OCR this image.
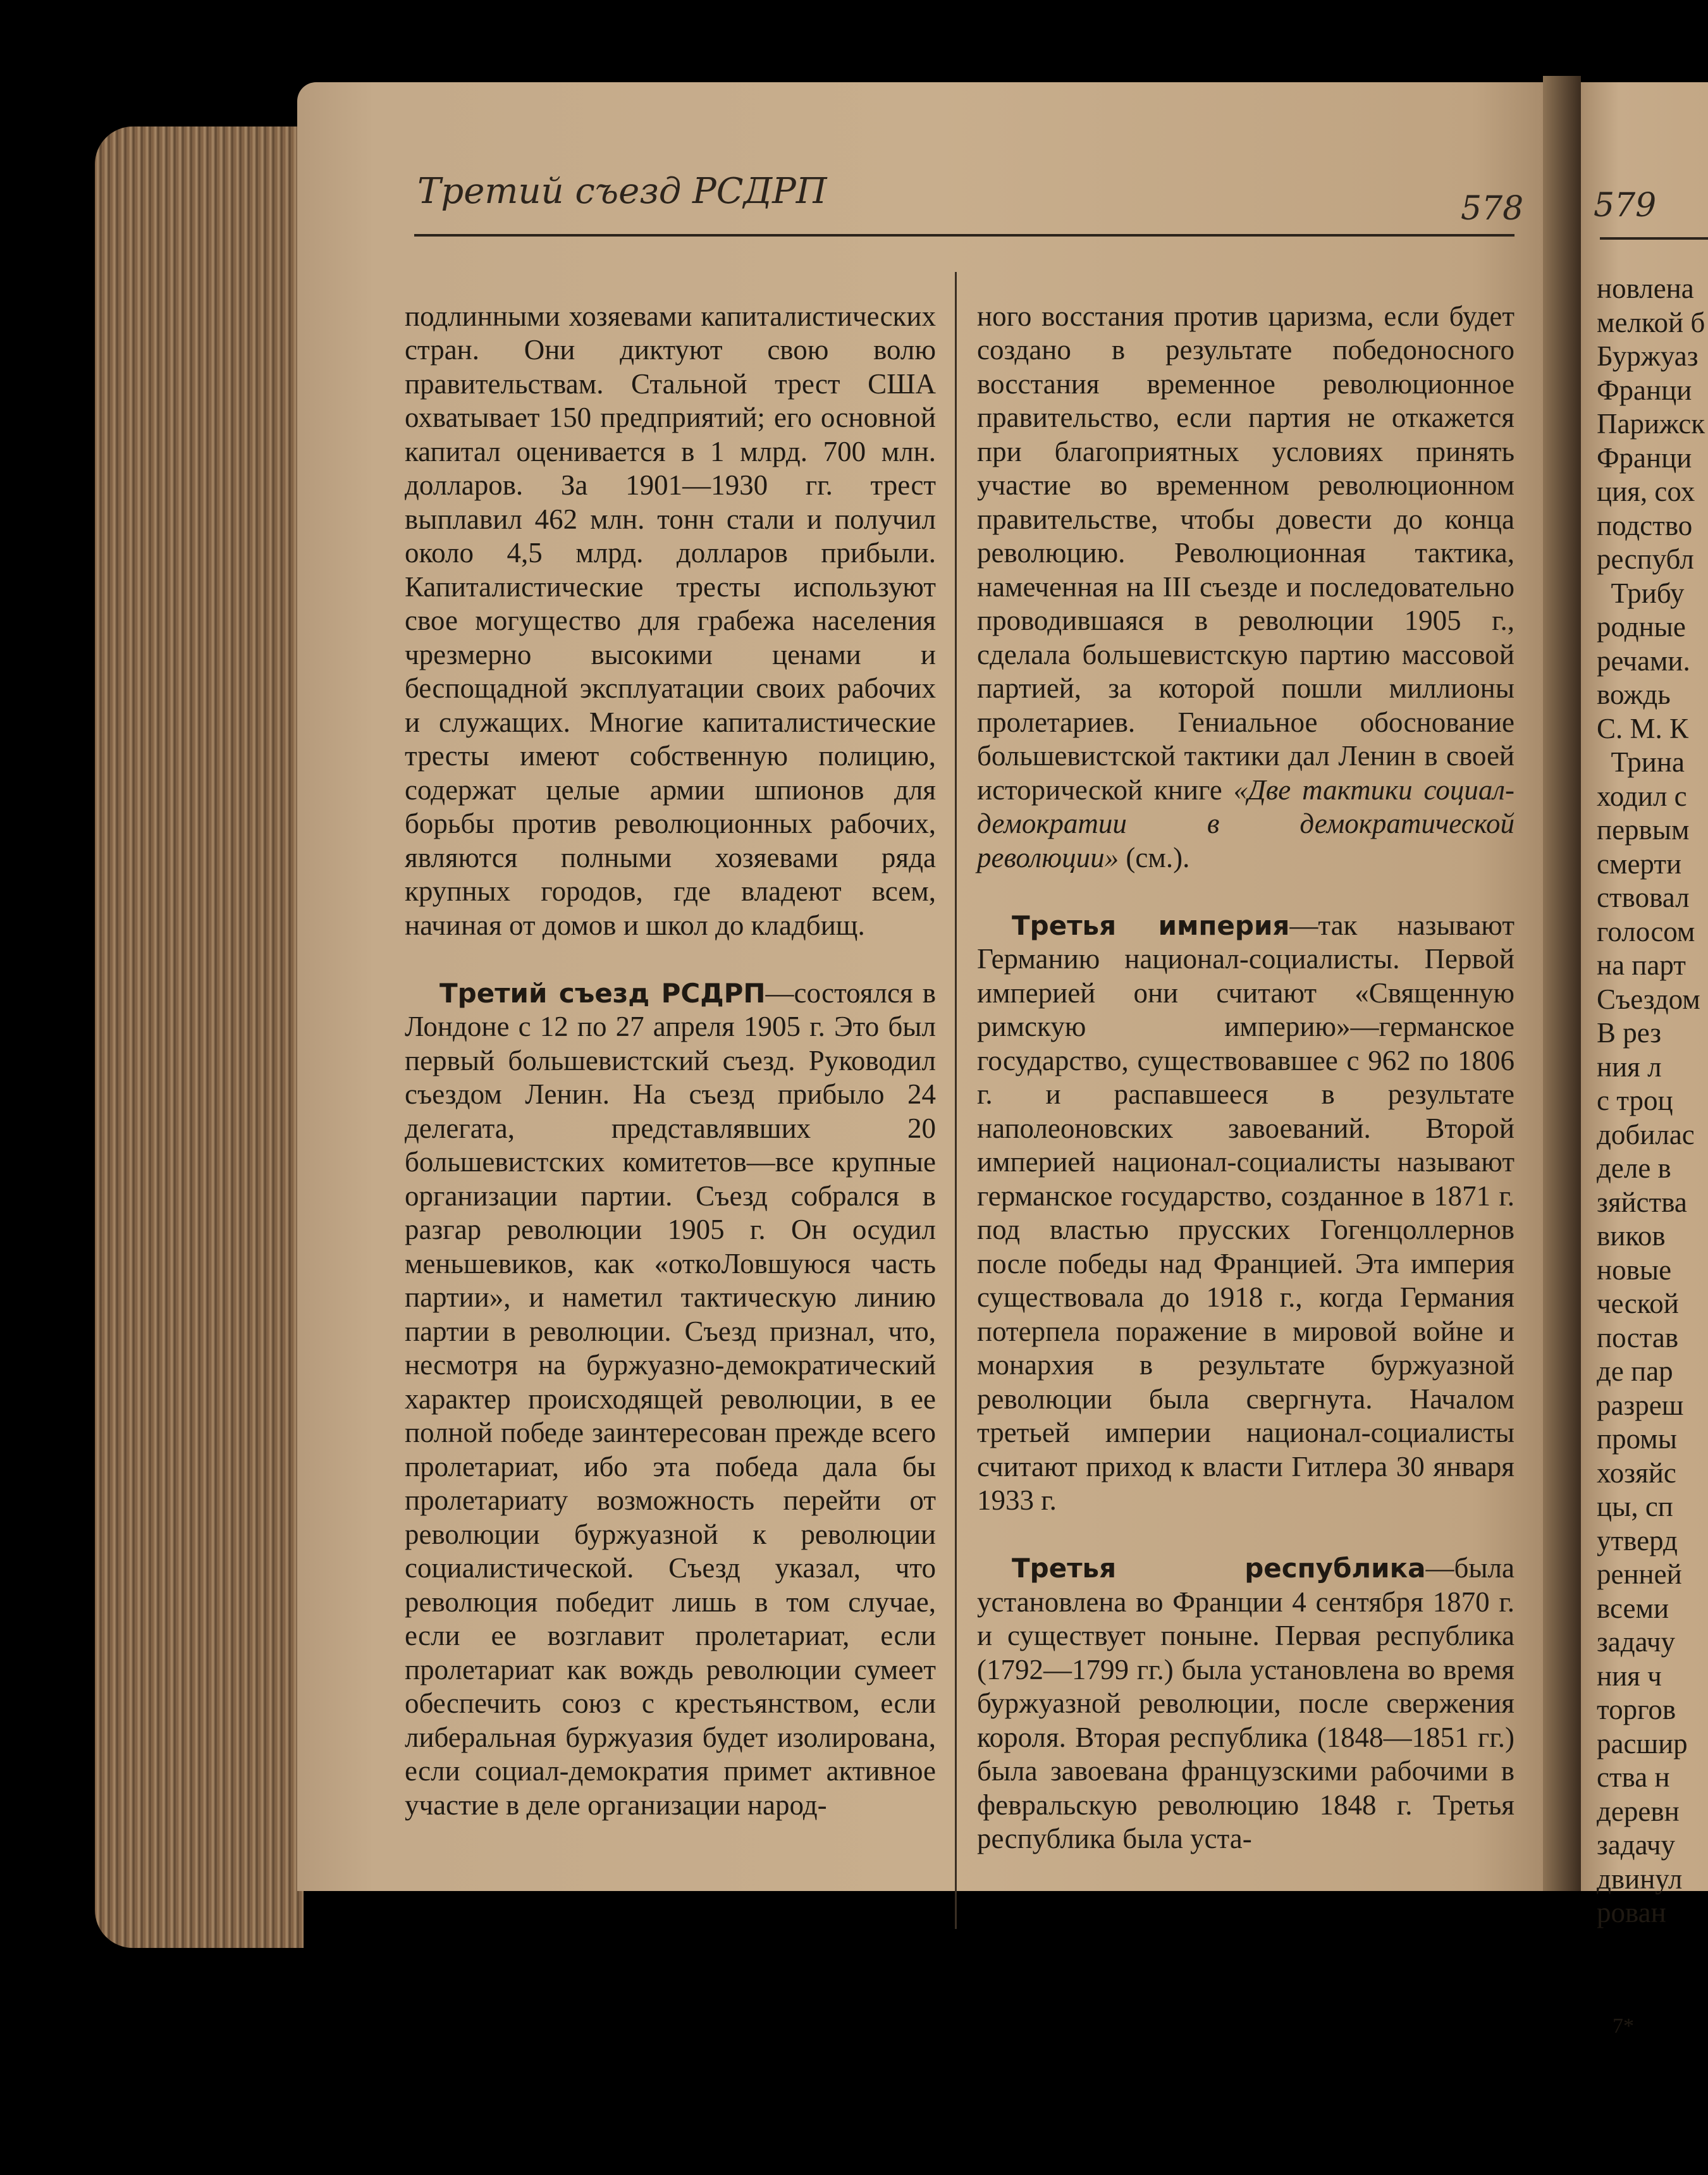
Третий съезд РСДРП	578 579

подлинными хозяевами капиталистических стран. Они диктуют свою волю правительствам. Стальной трест США охватывает 150 предприятий; его основной капитал оценивается в 1 млрд. 700 млн. долларов. За 1901—1930 гг. трест выплавил 462 млн. тонн стали и получил около 4,5 млрд. долларов прибыли. Капиталистические тресты используют свое могущество для грабежа населения чрезмерно высокими ценами и беспощадной эксплуатации своих рабочих и служащих. Многие капиталистические тресты имеют собственную полицию, содержат целые армии шпионов для борьбы против революционных рабочих, являются полными хозяевами ряда крупных городов, где владеют всем, начиная от домов и школ до кладбищ.

Третий съезд РСДРП—состоялся в Лондоне с 12 по 27 апреля 1905 г. Это был первый большевистский съезд. Руководил съездом Ленин. На съезд прибыло 24 делегата, представлявших 20 большевистских комитетов—все крупные организации партии. Съезд собрался в разгар революции 1905 г. Он осудил меньшевиков, как «откоЛовшуюся часть партии», и наметил тактическую линию партии в революции. Съезд признал, что, несмотря на буржуазно-демократический характер происходящей революции, в ее полной победе заинтересован прежде всего пролетариат, ибо эта победа дала бы пролетариату возможность перейти от революции буржуазной к революции социалистической. Съезд указал, что революция победит лишь в том случае, если ее возглавит пролетариат, если пролетариат как вождь революции сумеет обеспечить союз с крестьянством, если либеральная буржуазия будет изолирована, если социал-демократия примет активное участие в деле организации народ-

ного восстания против царизма, если будет создано в результате победоносного восстания временное революционное правительство, если партия не откажется при благоприятных условиях принять участие во временном революционном правительстве, чтобы довести до конца революцию. Революционная тактика, намеченная на III съезде и последовательно проводившаяся в революции 1905 г., сделала большевистскую партию массовой партией, за которой пошли миллионы пролетариев. Гениальное обоснование большевистской тактики дал Ленин в своей исторической книге «Две тактики социал-демократии в демократической революции» (см.).

Третья империя—так называют Германию национал-социалисты. Первой империей они считают «Священную римскую империю»—германское государство, существовавшее с 962 по 1806 г. и распавшееся в результате наполеоновских завоеваний. Второй империей национал-социалисты называют германское государство, созданное в 1871 г. под властью прусских Гогенцоллернов после победы над Францией. Эта империя существовала до 1918 г., когда Германия потерпела поражение в мировой войне и монархия в результате буржуазной революции была свергнута. Началом третьей империи национал-социалисты считают приход к власти Гитлера 30 января 1933 г.

Третья республика—была установлена во Франции 4 сентября 1870 г. и существует поныне. Первая республика (1792—1799 гг.) была установлена во время буржуазной революции, после свержения короля. Вторая республика (1848—1851 гг.) была завоевана французскими рабочими в февральскую революцию 1848 г. Третья республика была уста-

новлена
мелкой б
Буржуаз
Франци
Парижск
Франци
ция, сох
подство
республ
Трибу
родные
речами.
вождь
С. М. К
Трина
ходил с
первым
смерти
ствовал
голосом
на парт
Съездом
В рез
ния л
с троц
добилас
деле в
зяйства
виков
новые
ческой
постав
де пар
разреш
промы
хозяйс
цы, сп
утверд
ренней
всеми
задачу
ния ч
торгов
расшир
ства н
деревн
задачу
двинул
рован
7*
